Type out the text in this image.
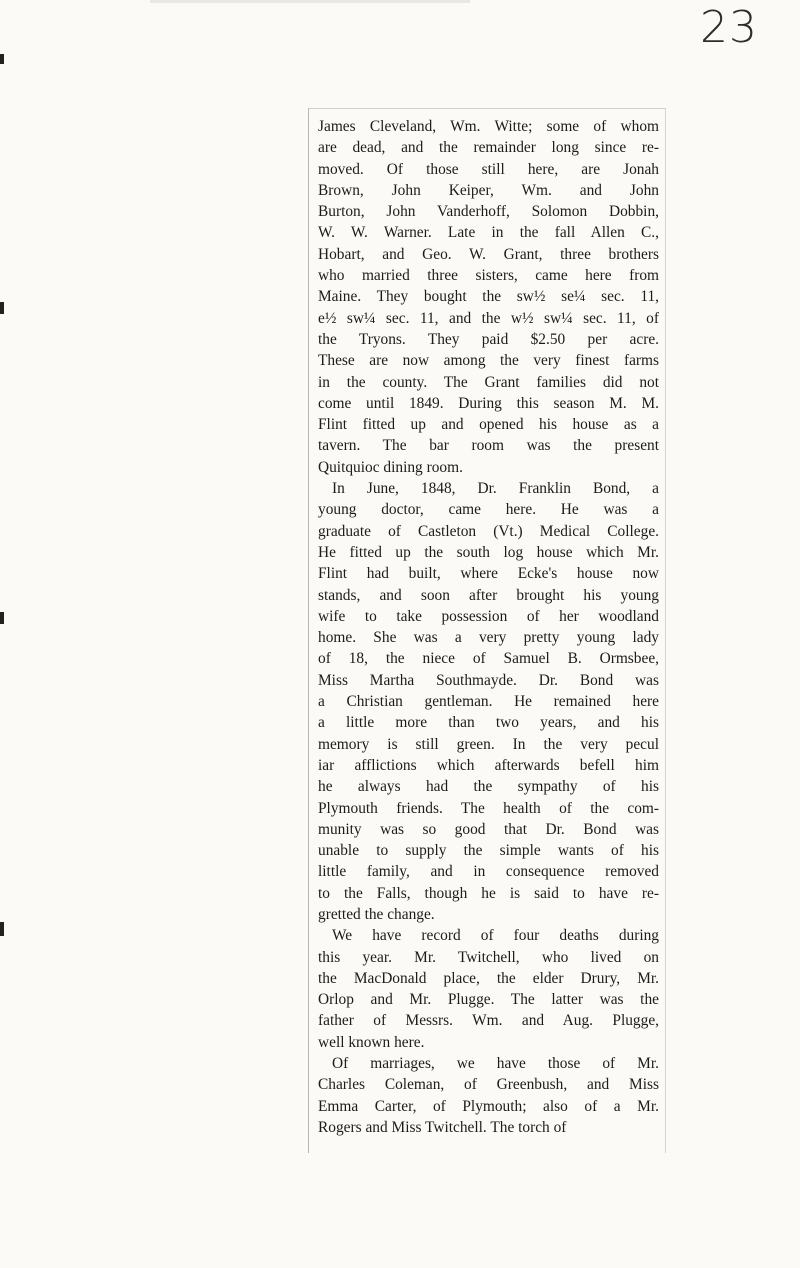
23
James Cleveland, Wm. Witte; some of whom
are dead, and the remainder long since re-
moved. Of those still here, are Jonah
Brown, John Keiper, Wm. and John
Burton, John Vanderhoff, Solomon Dobbin,
W. W. Warner. Late in the fall Allen C.,
Hobart, and Geo. W. Grant, three brothers
who married three sisters, came here from
Maine. They bought the sw½ se¼ sec. 11,
e½ sw¼ sec. 11, and the w½ sw¼ sec. 11, of
the Tryons. They paid $2.50 per acre.
These are now among the very finest farms
in the county. The Grant families did not
come until 1849. During this season M. M.
Flint fitted up and opened his house as a
tavern. The bar room was the present
Quitquioc dining room.
In June, 1848, Dr. Franklin Bond, a
young doctor, came here. He was a
graduate of Castleton (Vt.) Medical College.
He fitted up the south log house which Mr.
Flint had built, where Ecke's house now
stands, and soon after brought his young
wife to take possession of her woodland
home. She was a very pretty young lady
of 18, the niece of Samuel B. Ormsbee,
Miss Martha Southmayde. Dr. Bond was
a Christian gentleman. He remained here
a little more than two years, and his
memory is still green. In the very pecul
iar afflictions which afterwards befell him
he always had the sympathy of his
Plymouth friends. The health of the com-
munity was so good that Dr. Bond was
unable to supply the simple wants of his
little family, and in consequence removed
to the Falls, though he is said to have re-
gretted the change.
We have record of four deaths during
this year. Mr. Twitchell, who lived on
the MacDonald place, the elder Drury, Mr.
Orlop and Mr. Plugge. The latter was the
father of Messrs. Wm. and Aug. Plugge,
well known here.
Of marriages, we have those of Mr.
Charles Coleman, of Greenbush, and Miss
Emma Carter, of Plymouth; also of a Mr.
Rogers and Miss Twitchell. The torch of
